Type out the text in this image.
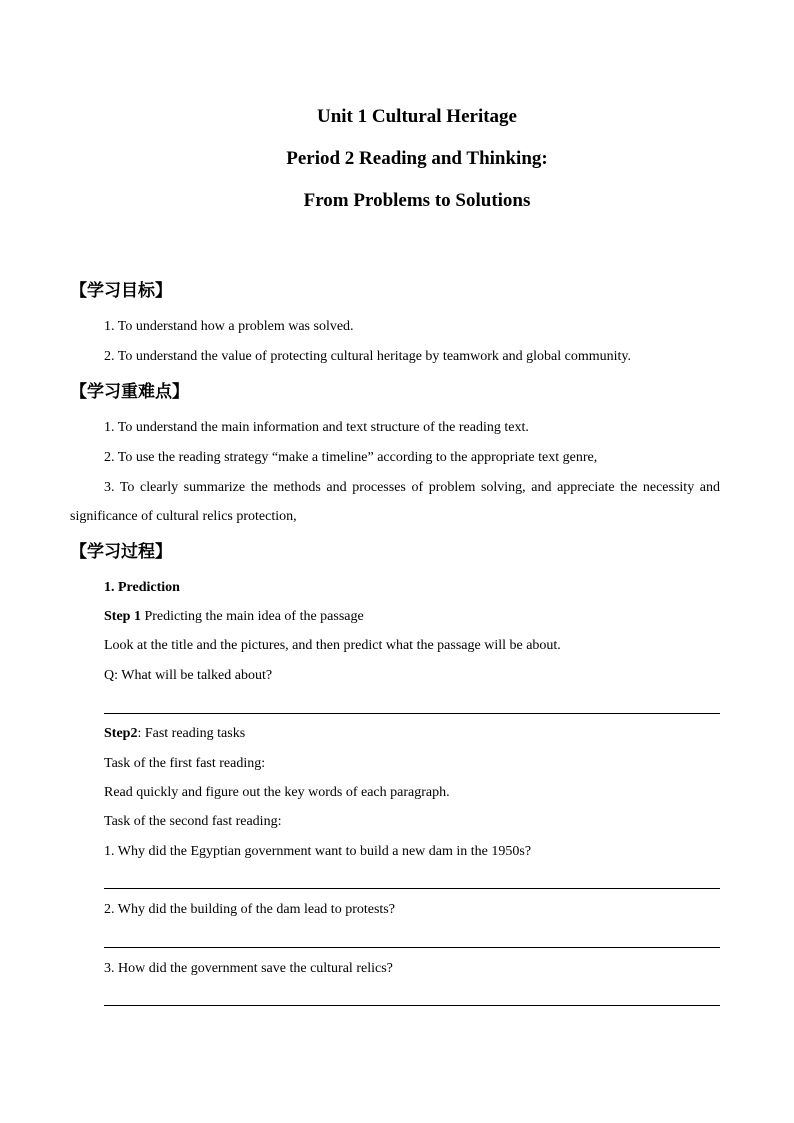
Unit 1 Cultural Heritage
Period 2 Reading and Thinking:
From Problems to Solutions
【学习目标】
1. To understand how a problem was solved.
2. To understand the value of protecting cultural heritage by teamwork and global community.
【学习重难点】
1. To understand the main information and text structure of the reading text.
2. To use the reading strategy “make a timeline” according to the appropriate text genre,
3. To clearly summarize the methods and processes of problem solving, and appreciate the necessity and significance of cultural relics protection,
【学习过程】
1. Prediction
Step 1 Predicting the main idea of the passage
Look at the title and the pictures, and then predict what the passage will be about.
Q: What will be talked about?
Step2: Fast reading tasks
Task of the first fast reading:
Read quickly and figure out the key words of each paragraph.
Task of the second fast reading:
1. Why did the Egyptian government want to build a new dam in the 1950s?
2. Why did the building of the dam lead to protests?
3. How did the government save the cultural relics?
